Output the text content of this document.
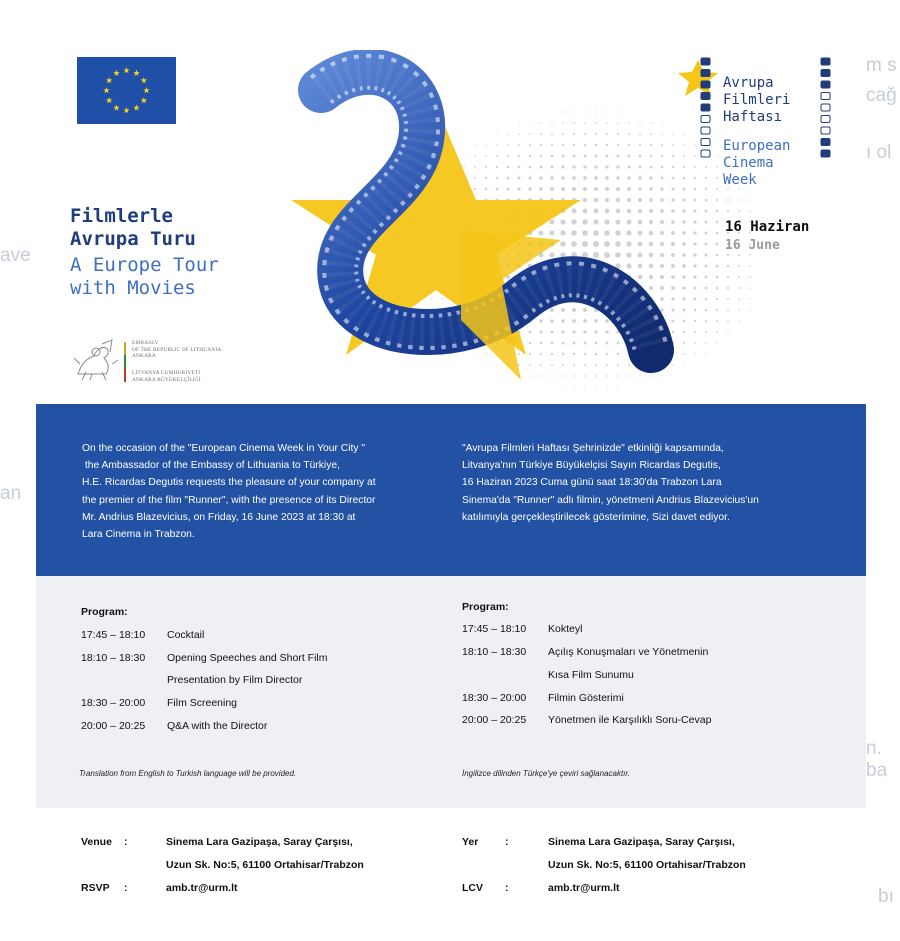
m s
cağ
ı ol
ave
an
n. ba
bı
Filmlerle
Avrupa Turu
A Europe Tour
with Movies
EMBASSY
OF THE REPUBLIC OF LITHUANIA
ANKARA
LİTVANYA CUMHURİYETİ
ANKARA BÜYÜKELÇİLİĞİ
Avrupa
Filmleri
Haftası
European
Cinema
Week
16 Haziran
16 June

On the occasion of the "European Cinema Week in Your City "
the Ambassador of the Embassy of Lithuania to Türkiye,
H.E. Ricardas Degutis requests the pleasure of your company at
the premier of the film "Runner", with the presence of its Director
Mr. Andrius Blazevicius, on Friday, 16 June 2023 at 18:30 at
Lara Cinema in Trabzon.

"Avrupa Filmleri Haftası Şehrinizde" etkinliği kapsamında,
Litvanya'nın Türkiye Büyükelçisi Sayın Ricardas Degutis,
16 Haziran 2023 Cuma günü saat 18:30'da Trabzon Lara
Sinema'da "Runner" adlı filmin, yönetmeni Andrius Blazevicius'un
katılımıyla gerçekleştirilecek gösterimine, Sizi davet ediyor.

Program:
17:45 – 18:10 Cocktail
18:10 – 18:30 Opening Speeches and Short Film
Presentation by Film Director
18:30 – 20:00 Film Screening
20:00 – 20:25 Q&A with the Director
Translation from English to Turkish language will be provided.
Program:
17:45 – 18:10 Kokteyl
18:10 – 18:30 Açılış Konuşmaları ve Yönetmenin
Kısa Film Sunumu
18:30 – 20:00 Filmin Gösterimi
20:00 – 20:25 Yönetmen ile Karşılıklı Soru-Cevap
İngilizce dilinden Türkçe'ye çeviri sağlanacaktır.
Venue :	Sinema Lara Gazipaşa, Saray Çarşısı,
Uzun Sk. No:5, 61100 Ortahisar/Trabzon
RSVP :	amb.tr@urm.lt
Yer	:	Sinema Lara Gazipaşa, Saray Çarşısı,
Uzun Sk. No:5, 61100 Ortahisar/Trabzon
LCV :	amb.tr@urm.lt
